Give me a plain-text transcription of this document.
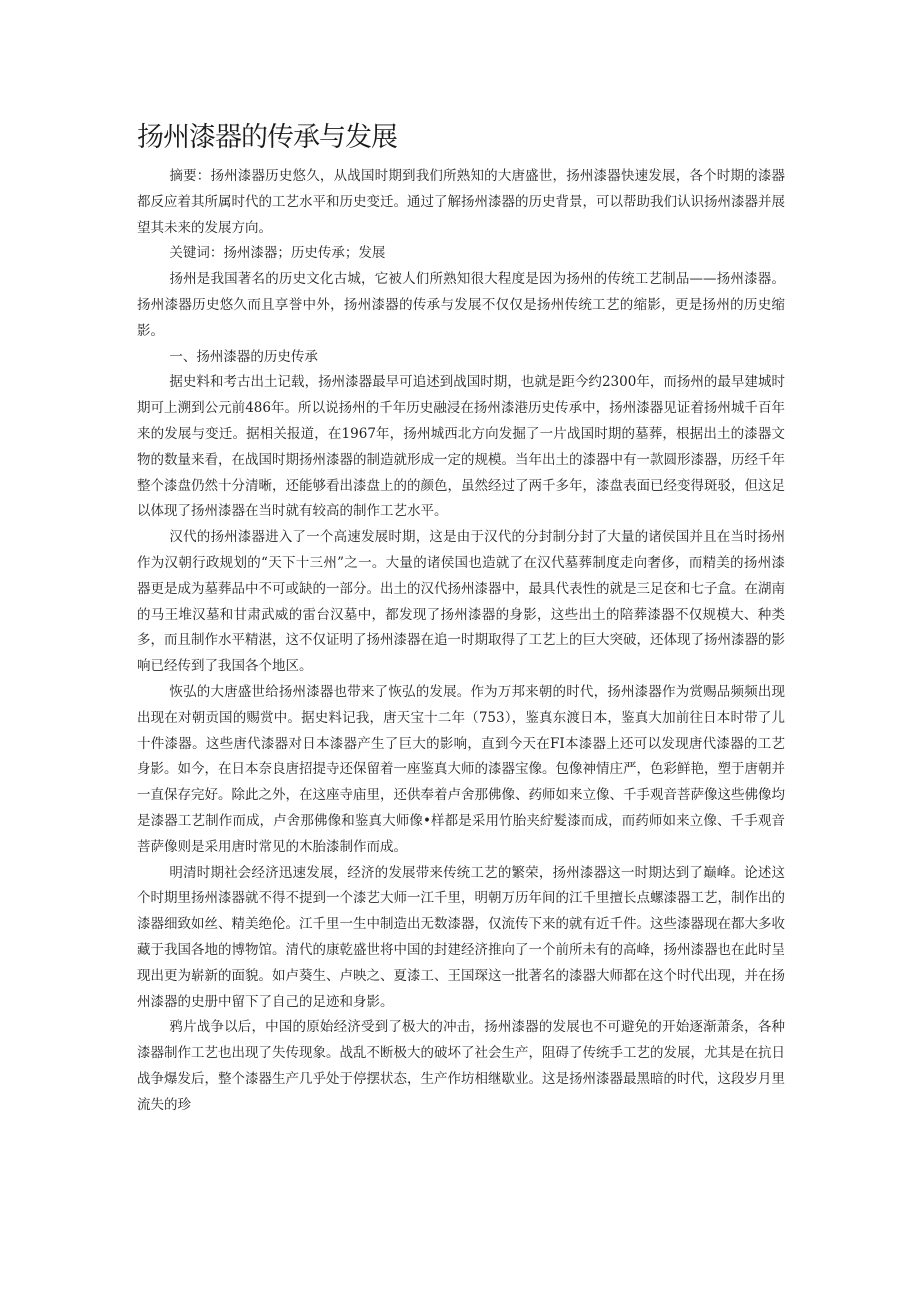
扬州漆器的传承与发展

摘要：扬州漆器历史悠久，从战国时期到我们所熟知的大唐盛世，扬州漆器快速发展，各个时期的漆器都反应着其所属时代的工艺水平和历史变迁。通过了解扬州漆器的历史背景，可以帮助我们认识扬州漆器并展望其未来的发展方向。

关键词：扬州漆器；历史传承；发展

扬州是我国著名的历史文化古城，它被人们所熟知很大程度是因为扬州的传统工艺制品——扬州漆器。扬州漆器历史悠久而且享誉中外，扬州漆器的传承与发展不仅仅是扬州传统工艺的缩影，更是扬州的历史缩影。

一、扬州漆器的历史传承

据史料和考古出土记载，扬州漆器最早可追述到战国时期，也就是距今约2300年，而扬州的最早建城时期可上溯到公元前486年。所以说扬州的千年历史融浸在扬州漆港历史传承中，扬州漆器见证着扬州城千百年来的发展与变迁。据相关报道，在1967年，扬州城西北方向发掘了一片战国时期的墓葬，根据出土的漆器文物的数量来看，在战国时期扬州漆器的制造就形成一定的规模。当年出土的漆器中有一款圆形漆器，历经千年整个漆盘仍然十分清晰，还能够看出漆盘上的的颜色，虽然经过了两千多年，漆盘表面已经变得斑驳，但这足以体现了扬州漆器在当时就有较高的制作工艺水平。

汉代的扬州漆器进入了一个高速发展时期，这是由于汉代的分封制分封了大量的诸侯国并且在当时扬州作为汉朝行政规划的“天下十三州”之一。大量的诸侯国也造就了在汉代墓葬制度走向奢侈，而精美的扬州漆器更是成为墓葬品中不可或缺的一部分。出土的汉代扬州漆器中，最具代表性的就是三足奁和七子盒。在湖南的马王堆汉墓和甘肃武威的雷台汉墓中，都发现了扬州漆器的身影，这些出土的陪葬漆器不仅规模大、种类多，而且制作水平精湛，这不仅证明了扬州漆器在追一时期取得了工艺上的巨大突破，还体现了扬州漆器的影响已经传到了我国各个地区。

恢弘的大唐盛世给扬州漆器也带来了恢弘的发展。作为万邦来朝的时代，扬州漆器作为赏赐品频频出现出现在对朝贡国的赐赏中。据史料记我，唐天宝十二年（753），鉴真东渡日本，鉴真大加前往日本时带了儿十件漆器。这些唐代漆器对日本漆器产生了巨大的影响，直到今天在FI本漆器上还可以发现唐代漆器的工艺身影。如今，在日本奈良唐招提寺还保留着一座鉴真大师的漆器宝像。包像神情庄严，色彩鲜艳，塑于唐朝并一直保存完好。除此之外，在这座寺庙里，还供奉着卢舍那佛像、药师如来立像、千手观音菩萨像这些佛像均是漆器工艺制作而成，卢舍那佛像和鉴真大师像•样都是采用竹胎夹紵髮漆而成，而药师如来立像、千手观音菩萨像则是采用唐时常见的木胎漆制作而成。

明清时期社会经济迅速发展，经济的发展带来传统工艺的繁荣，扬州漆器这一时期达到了巅峰。论述这个时期里扬州漆器就不得不提到一个漆艺大师一江千里，明朝万历年间的江千里擅长点螺漆器工艺，制作出的漆器细致如丝、精美绝伦。江千里一生中制造出无数漆器，仅流传下来的就有近千件。这些漆器现在都大多收藏于我国各地的博物馆。清代的康乾盛世将中国的封建经济推向了一个前所未有的高峰，扬州漆器也在此时呈现出更为崭新的面貌。如卢葵生、卢映之、夏漆工、王国琛这一批著名的漆器大师都在这个时代出现，并在扬州漆器的史册中留下了自己的足迹和身影。

鸦片战争以后，中国的原始经济受到了极大的冲击，扬州漆器的发展也不可避免的开始逐渐萧条，各种漆器制作工艺也出现了失传现象。战乱不断极大的破坏了社会生产，阻碍了传统手工艺的发展，尤其是在抗日战争爆发后，整个漆器生产几乎处于停摆状态，生产作坊相继歇业。这是扬州漆器最黑暗的时代，这段岁月里流失的珍
